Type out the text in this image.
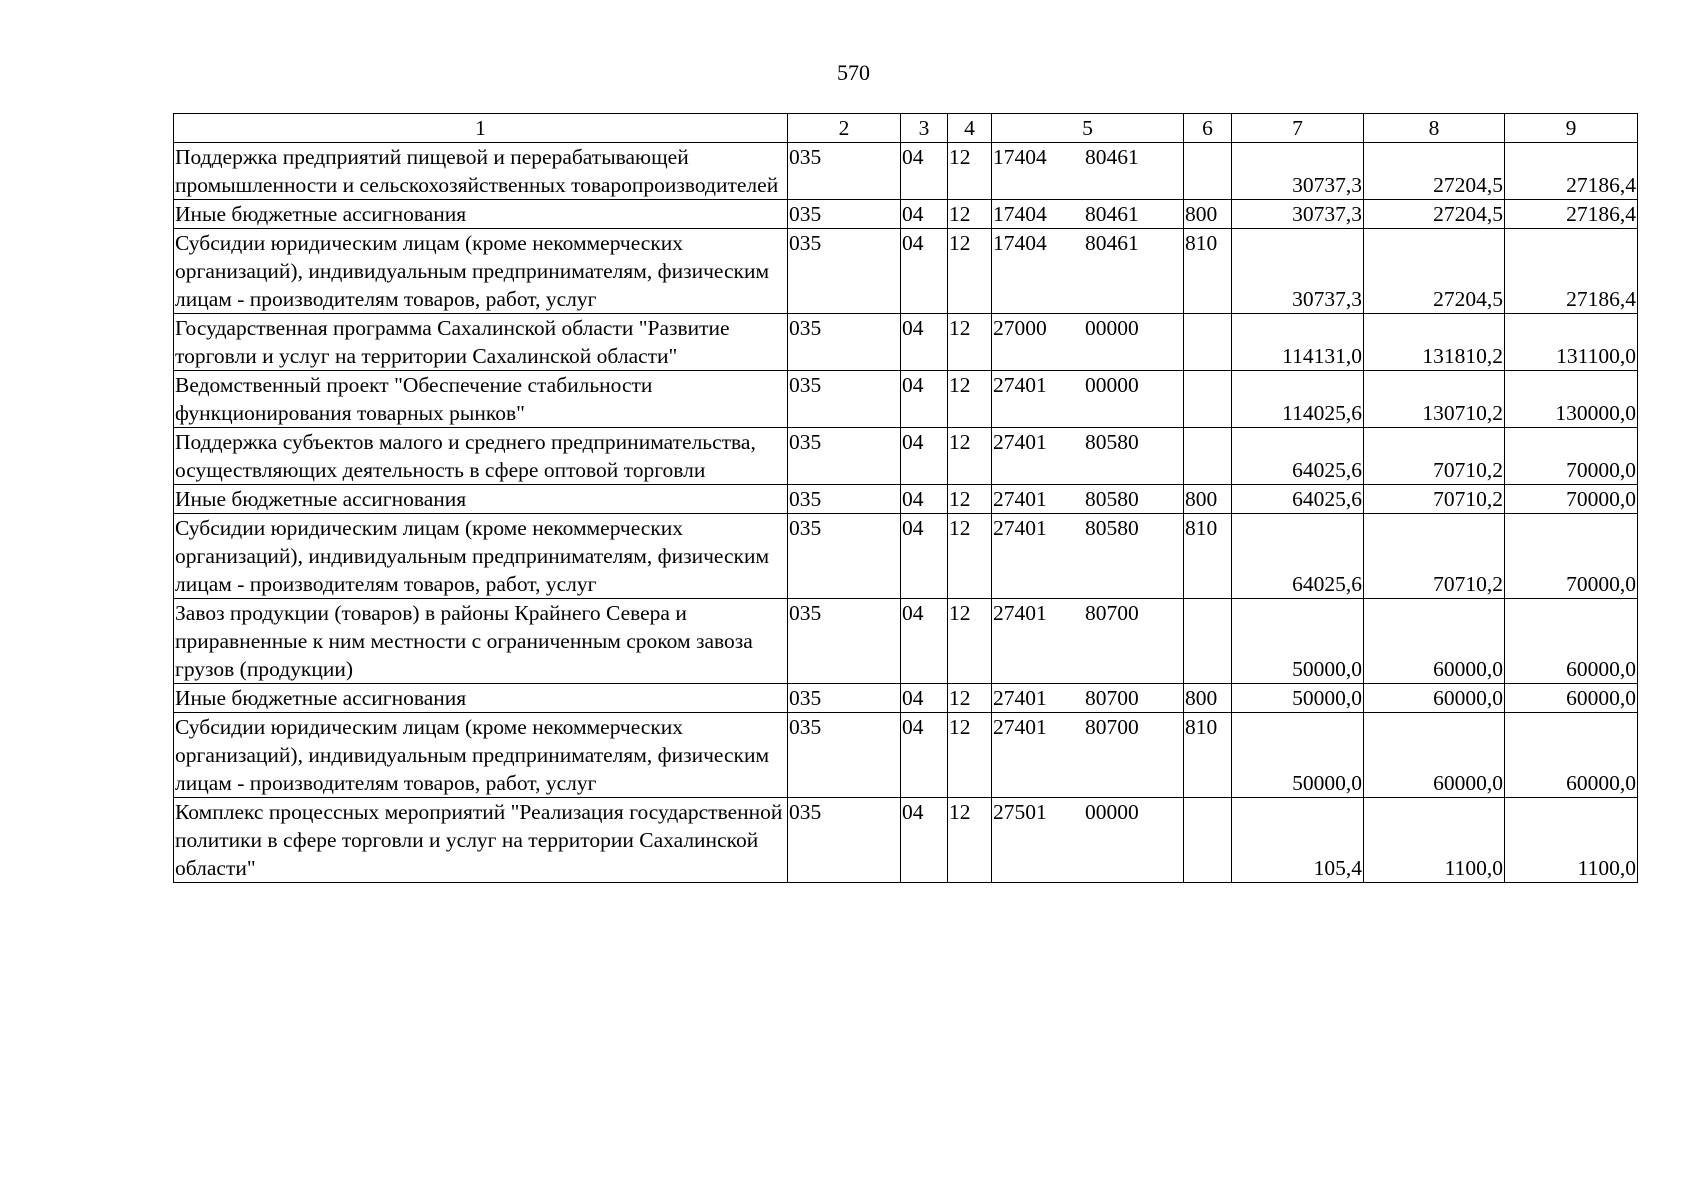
570
1	2	3	4	5	6	7	8	9
Поддержка предприятий пищевой и перерабатывающей промышленности и сельскохозяйственных товаропроизводителей	035	04	12	17404 80461		30737,3	27204,5	27186,4
Иные бюджетные ассигнования	035	04	12	17404 80461	800	30737,3	27204,5	27186,4
Субсидии юридическим лицам (кроме некоммерческих организаций), индивидуальным предпринимателям, физическим лицам - производителям товаров, работ, услуг	035	04	12	17404 80461	810	30737,3	27204,5	27186,4
Государственная программа Сахалинской области "Развитие торговли и услуг на территории Сахалинской области"	035	04	12	27000 00000		114131,0	131810,2	131100,0
Ведомственный проект "Обеспечение стабильности функционирования товарных рынков"	035	04	12	27401 00000		114025,6	130710,2	130000,0
Поддержка субъектов малого и среднего предпринимательства, осуществляющих деятельность в сфере оптовой торговли	035	04	12	27401 80580		64025,6	70710,2	70000,0
Иные бюджетные ассигнования	035	04	12	27401 80580	800	64025,6	70710,2	70000,0
Субсидии юридическим лицам (кроме некоммерческих организаций), индивидуальным предпринимателям, физическим лицам - производителям товаров, работ, услуг	035	04	12	27401 80580	810	64025,6	70710,2	70000,0
Завоз продукции (товаров) в районы Крайнего Севера и приравненные к ним местности с ограниченным сроком завоза грузов (продукции)	035	04	12	27401 80700		50000,0	60000,0	60000,0
Иные бюджетные ассигнования	035	04	12	27401 80700	800	50000,0	60000,0	60000,0
Субсидии юридическим лицам (кроме некоммерческих организаций), индивидуальным предпринимателям, физическим лицам - производителям товаров, работ, услуг	035	04	12	27401 80700	810	50000,0	60000,0	60000,0
Комплекс процессных мероприятий "Реализация государственной политики в сфере торговли и услуг на территории Сахалинской области"	035	04	12	27501 00000		105,4	1100,0	1100,0
